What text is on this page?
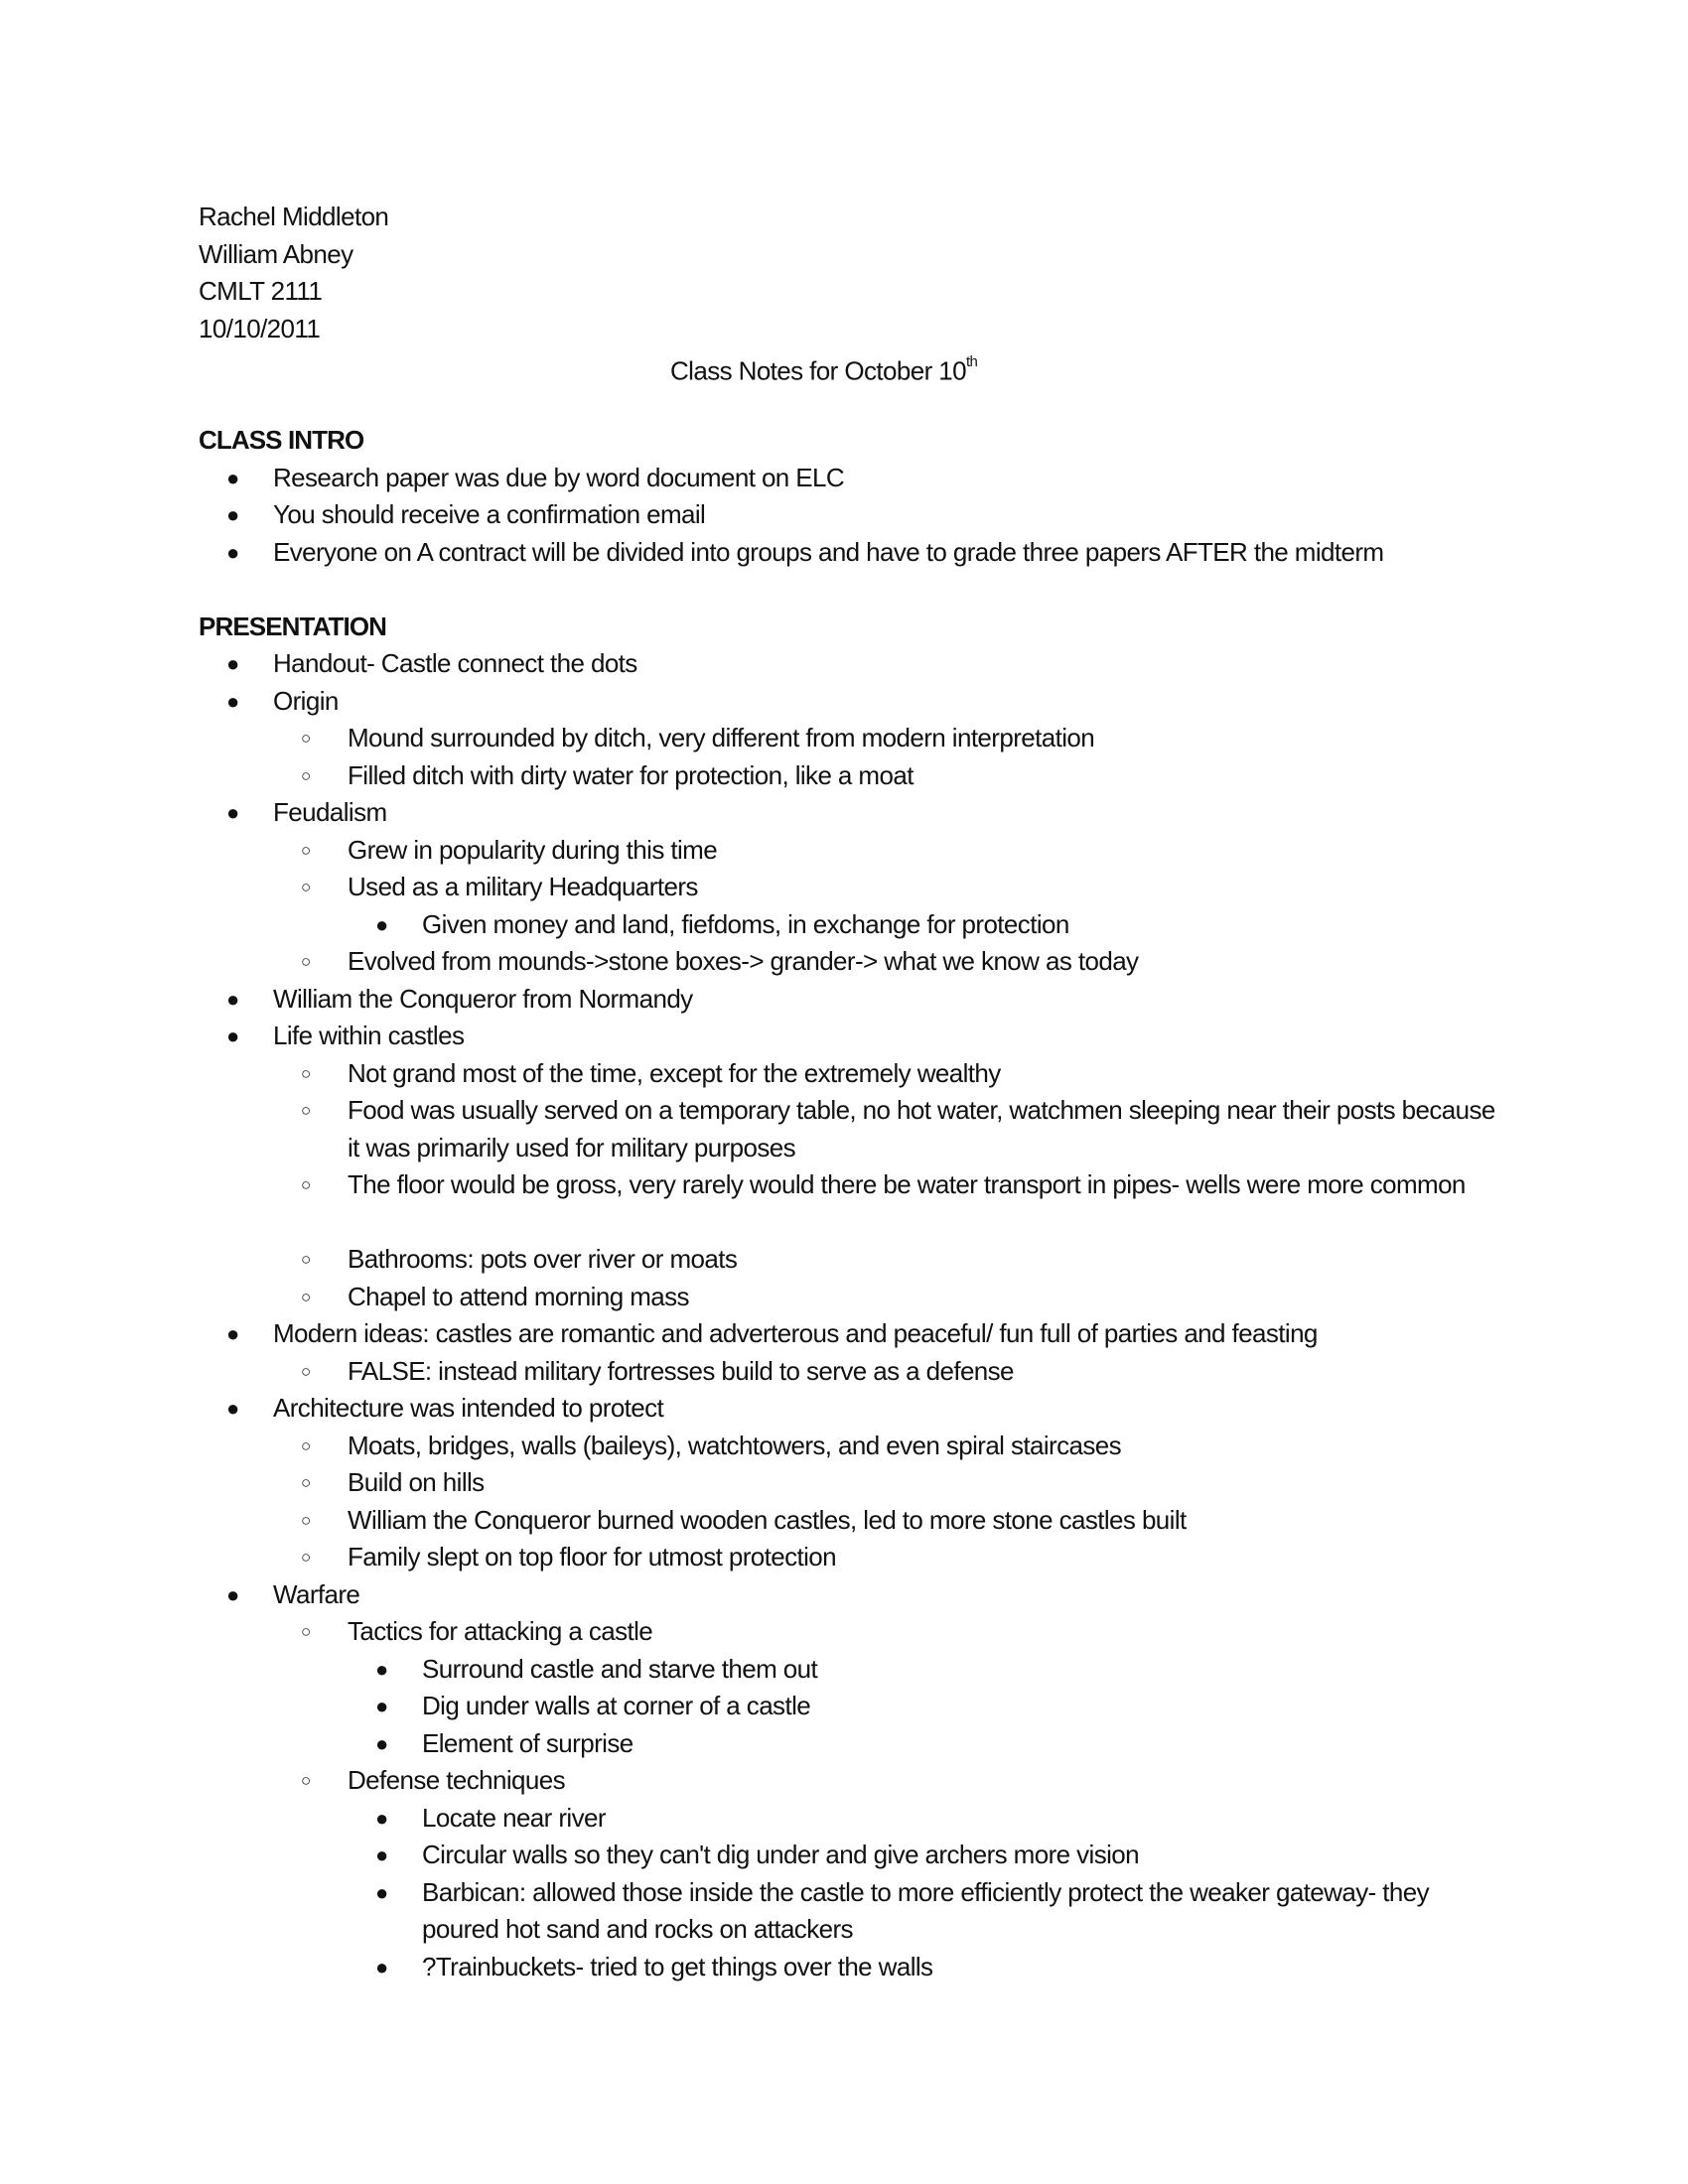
Rachel Middleton
William Abney
CMLT 2111
10/10/2011
Class Notes for October 10th
CLASS INTRO
● Research paper was due by word document on ELC
● You should receive a confirmation email
● Everyone on A contract will be divided into groups and have to grade three papers AFTER the midterm
PRESENTATION
● Handout- Castle connect the dots
● Origin
○ Mound surrounded by ditch, very different from modern interpretation
○ Filled ditch with dirty water for protection, like a moat
● Feudalism
○ Grew in popularity during this time
○ Used as a military Headquarters
● Given money and land, fiefdoms, in exchange for protection
○ Evolved from mounds->stone boxes-> grander-> what we know as today
● William the Conqueror from Normandy
● Life within castles
○ Not grand most of the time, except for the extremely wealthy
○ Food was usually served on a temporary table, no hot water, watchmen sleeping near their posts because it was primarily used for military purposes
○ The floor would be gross, very rarely would there be water transport in pipes- wells were more common
○ Bathrooms: pots over river or moats
○ Chapel to attend morning mass
● Modern ideas: castles are romantic and adverterous and peaceful/ fun full of parties and feasting
○ FALSE: instead military fortresses build to serve as a defense
● Architecture was intended to protect
○ Moats, bridges, walls (baileys), watchtowers, and even spiral staircases
○ Build on hills
○ William the Conqueror burned wooden castles, led to more stone castles built
○ Family slept on top floor for utmost protection
● Warfare
○ Tactics for attacking a castle
● Surround castle and starve them out
● Dig under walls at corner of a castle
● Element of surprise
○ Defense techniques
● Locate near river
● Circular walls so they can't dig under and give archers more vision
● Barbican: allowed those inside the castle to more efficiently protect the weaker gateway- they poured hot sand and rocks on attackers
● ?Trainbuckets- tried to get things over the walls
